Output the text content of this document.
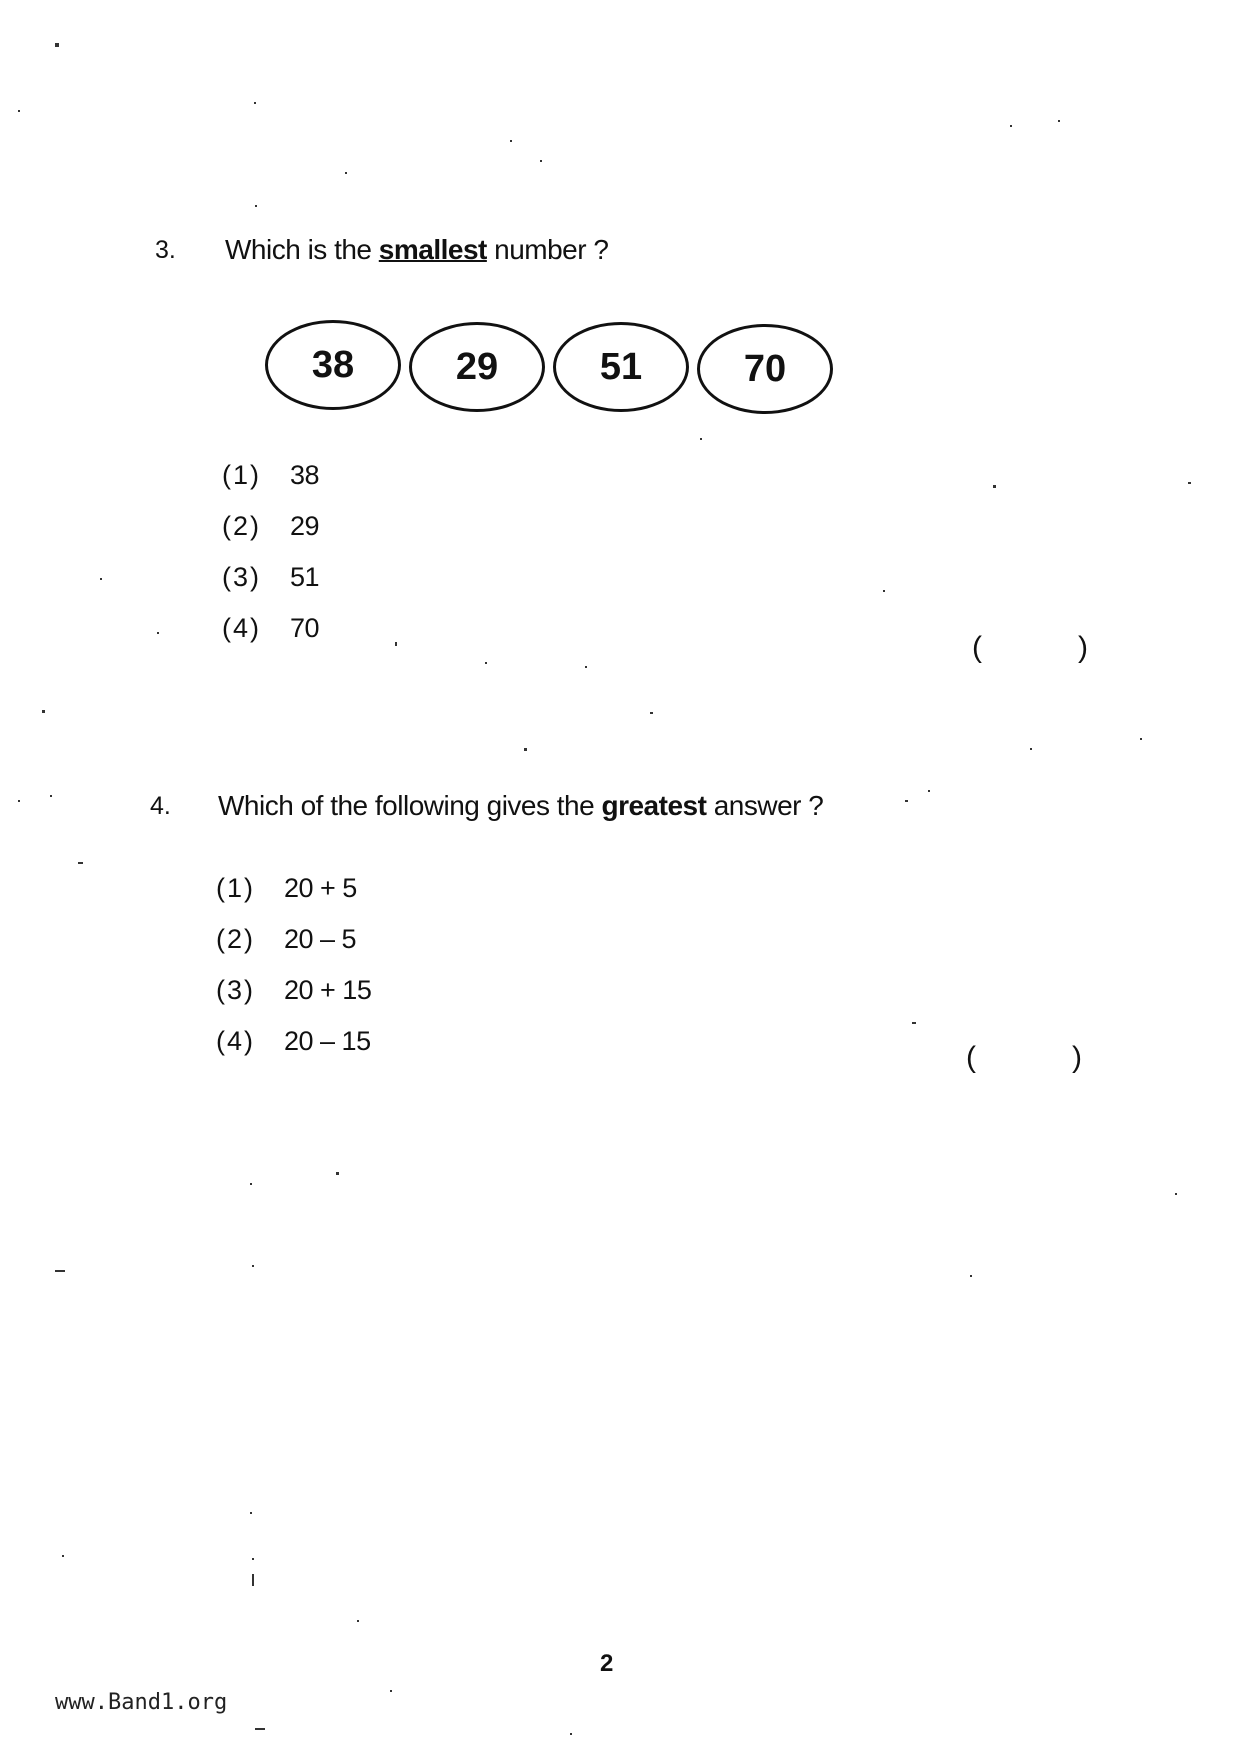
3. Which is the smallest number ?
38	29	51	70
(1)	38
(2)	29
(3)	51
(4)	70
(	)
4. Which of the following gives the greatest answer ?
(1)	20 + 5
(2)	20 – 5
(3)	20 + 15
(4)	20 – 15	(	)
2
www.Band1.org
